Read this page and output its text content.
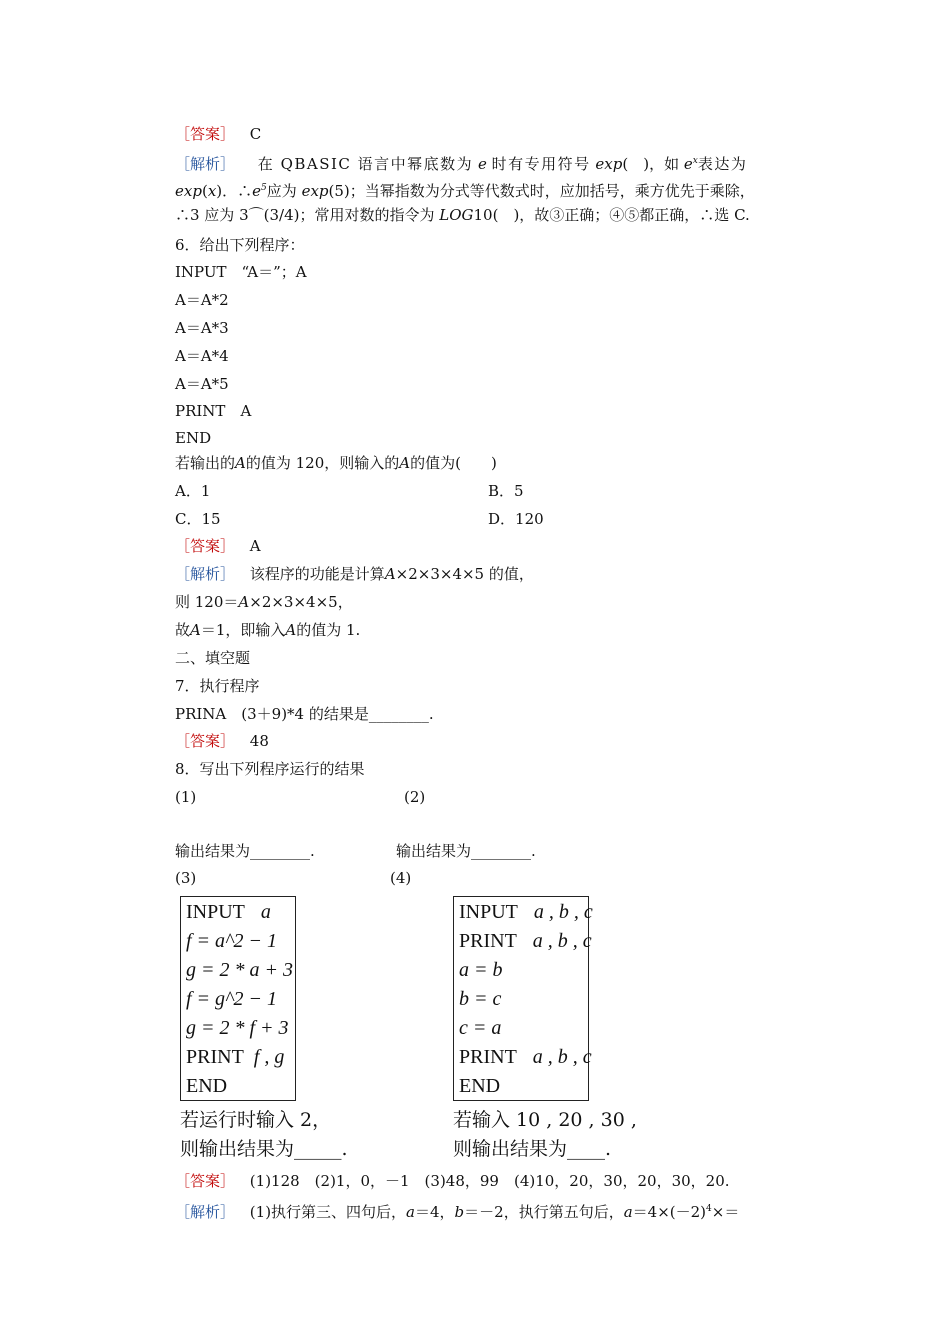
［答案］ C
［解析］ 在 QBASIC 语言中幂底数为 e 时有专用符号 exp(　)，如 $e^x$表达为
exp(x)．$\therefore e^5$应为 exp(5)；当幂指数为分式等代数式时，应加括号，乘方优先于乘除，
∴3 应为 3⌒(3/4)；常用对数的指令为 LOG10(　)，故③正确；④⑤都正确，∴选 C.
6．给出下列程序：
INPUT　“A＝”；A
A＝A*2
A＝A*3
A＝A*4
A＝A*5
PRINT　A
END
若输出的A的值为 120，则输入的A的值为(　　)
A．1	B．5
C．15	D．120
［答案］ A
［解析］ 该程序的功能是计算A×2×3×4×5 的值，
则 120＝A×2×3×4×5，
故A＝1，即输入A的值为 1.
二、填空题
7．执行程序
PRINA　(3＋9)*4 的结果是________.
［答案］ 48
8．写出下列程序运行的结果
(1)	(2)
输出结果为________.	输出结果为________.
(3)	(4)
INPUT a
f = a^2 − 1
g = 2 * a + 3
f = g^2 − 1
g = 2 * f + 3
PRINT f , g
END
INPUT a , b , c
PRINT a , b , c
a = b
b = c
c = a
PRINT a , b , c
END
若运行时输入 2，
则输出结果为_____.
若输入 10 , 20 , 30 ,
则输出结果为____.
［答案］ (1)128　(2)1，0，－1　(3)48，99　(4)10，20，30，20，30，20.
［解析］ (1)执行第三、四句后，a＝4，b＝－2，执行第五句后，$a=4\times(-2)^4\times=$
